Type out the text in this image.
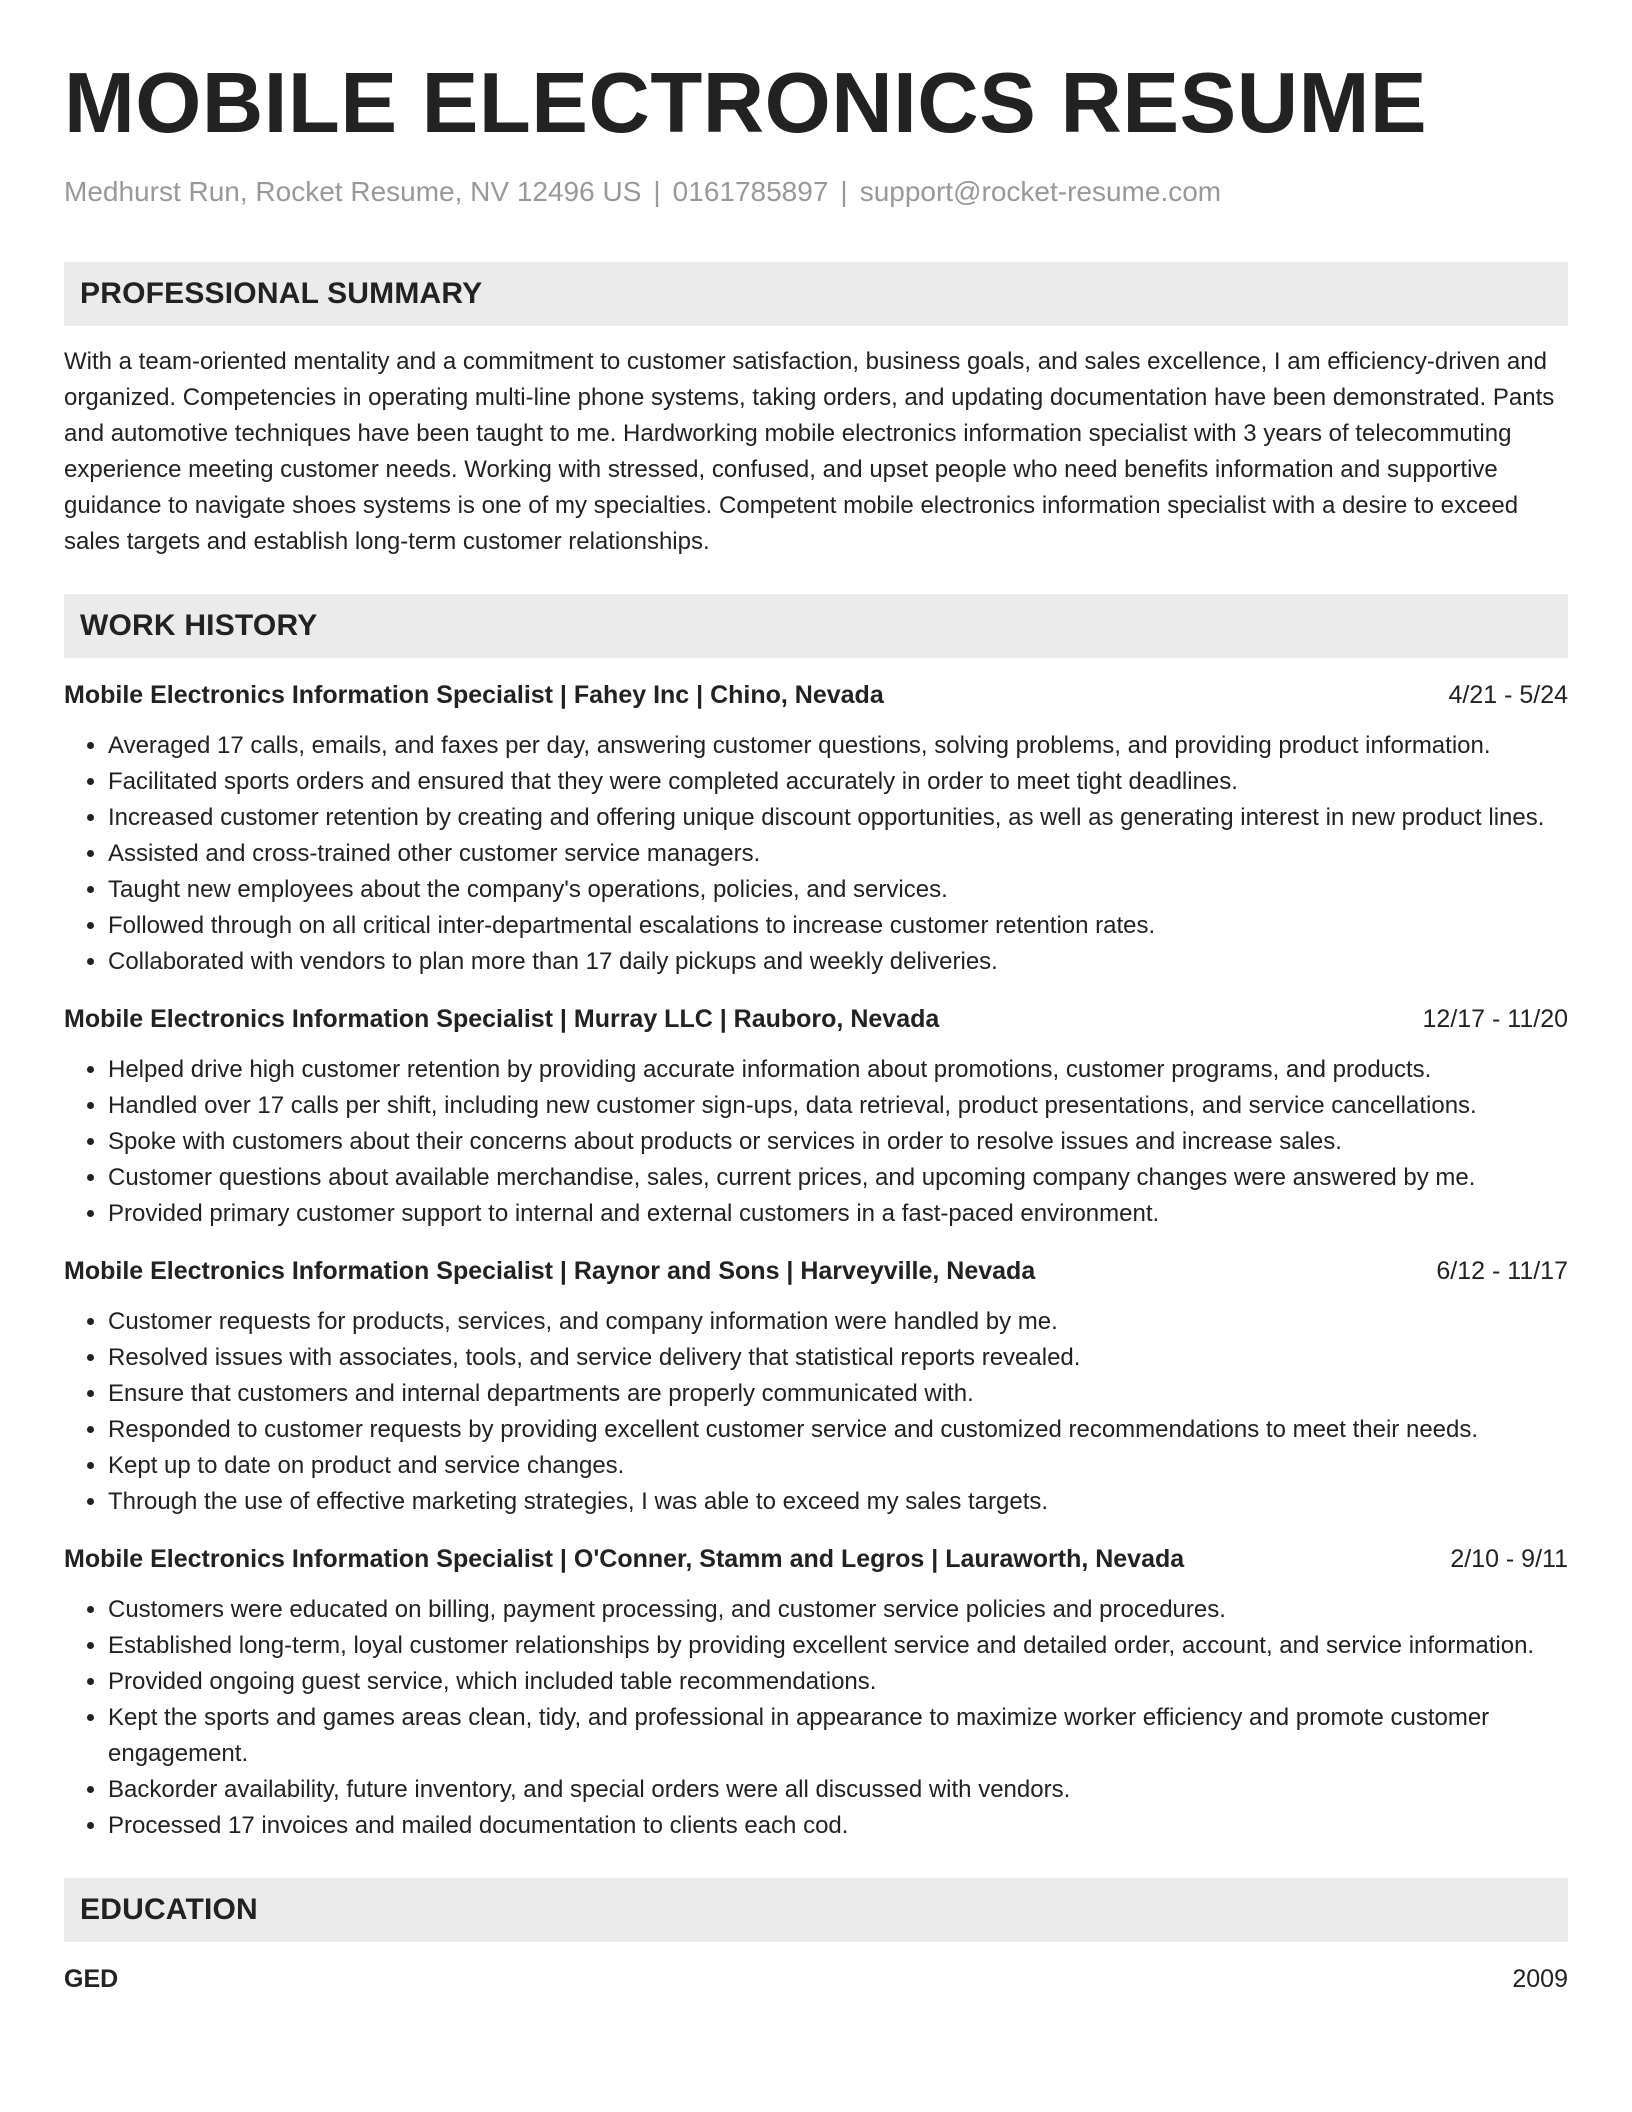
MOBILE ELECTRONICS RESUME
Medhurst Run, Rocket Resume, NV 12496 US | 0161785897 | support@rocket-resume.com
PROFESSIONAL SUMMARY

With a team-oriented mentality and a commitment to customer satisfaction, business goals, and sales excellence, I am efficiency-driven and organized. Competencies in operating multi-line phone systems, taking orders, and updating documentation have been demonstrated. Pants and automotive techniques have been taught to me. Hardworking mobile electronics information specialist with 3 years of telecommuting experience meeting customer needs. Working with stressed, confused, and upset people who need benefits information and supportive guidance to navigate shoes systems is one of my specialties. Competent mobile electronics information specialist with a desire to exceed sales targets and establish long-term customer relationships.

WORK HISTORY
Mobile Electronics Information Specialist | Fahey Inc | Chino, Nevada	4/21 - 5/24
• Averaged 17 calls, emails, and faxes per day, answering customer questions, solving problems, and providing product information.
• Facilitated sports orders and ensured that they were completed accurately in order to meet tight deadlines.
• Increased customer retention by creating and offering unique discount opportunities, as well as generating interest in new product lines.
• Assisted and cross-trained other customer service managers.
• Taught new employees about the company's operations, policies, and services.
• Followed through on all critical inter-departmental escalations to increase customer retention rates.
• Collaborated with vendors to plan more than 17 daily pickups and weekly deliveries.
Mobile Electronics Information Specialist | Murray LLC | Rauboro, Nevada	12/17 - 11/20
• Helped drive high customer retention by providing accurate information about promotions, customer programs, and products.
• Handled over 17 calls per shift, including new customer sign-ups, data retrieval, product presentations, and service cancellations.
• Spoke with customers about their concerns about products or services in order to resolve issues and increase sales.
• Customer questions about available merchandise, sales, current prices, and upcoming company changes were answered by me.
• Provided primary customer support to internal and external customers in a fast-paced environment.
Mobile Electronics Information Specialist | Raynor and Sons | Harveyville, Nevada	6/12 - 11/17
• Customer requests for products, services, and company information were handled by me.
• Resolved issues with associates, tools, and service delivery that statistical reports revealed.
• Ensure that customers and internal departments are properly communicated with.
• Responded to customer requests by providing excellent customer service and customized recommendations to meet their needs.
• Kept up to date on product and service changes.
• Through the use of effective marketing strategies, I was able to exceed my sales targets.
Mobile Electronics Information Specialist | O'Conner, Stamm and Legros | Lauraworth, Nevada	2/10 - 9/11
• Customers were educated on billing, payment processing, and customer service policies and procedures.
• Established long-term, loyal customer relationships by providing excellent service and detailed order, account, and service information.
• Provided ongoing guest service, which included table recommendations.
• Kept the sports and games areas clean, tidy, and professional in appearance to maximize worker efficiency and promote customer engagement.
• Backorder availability, future inventory, and special orders were all discussed with vendors.
• Processed 17 invoices and mailed documentation to clients each cod.
EDUCATION
GED	2009
